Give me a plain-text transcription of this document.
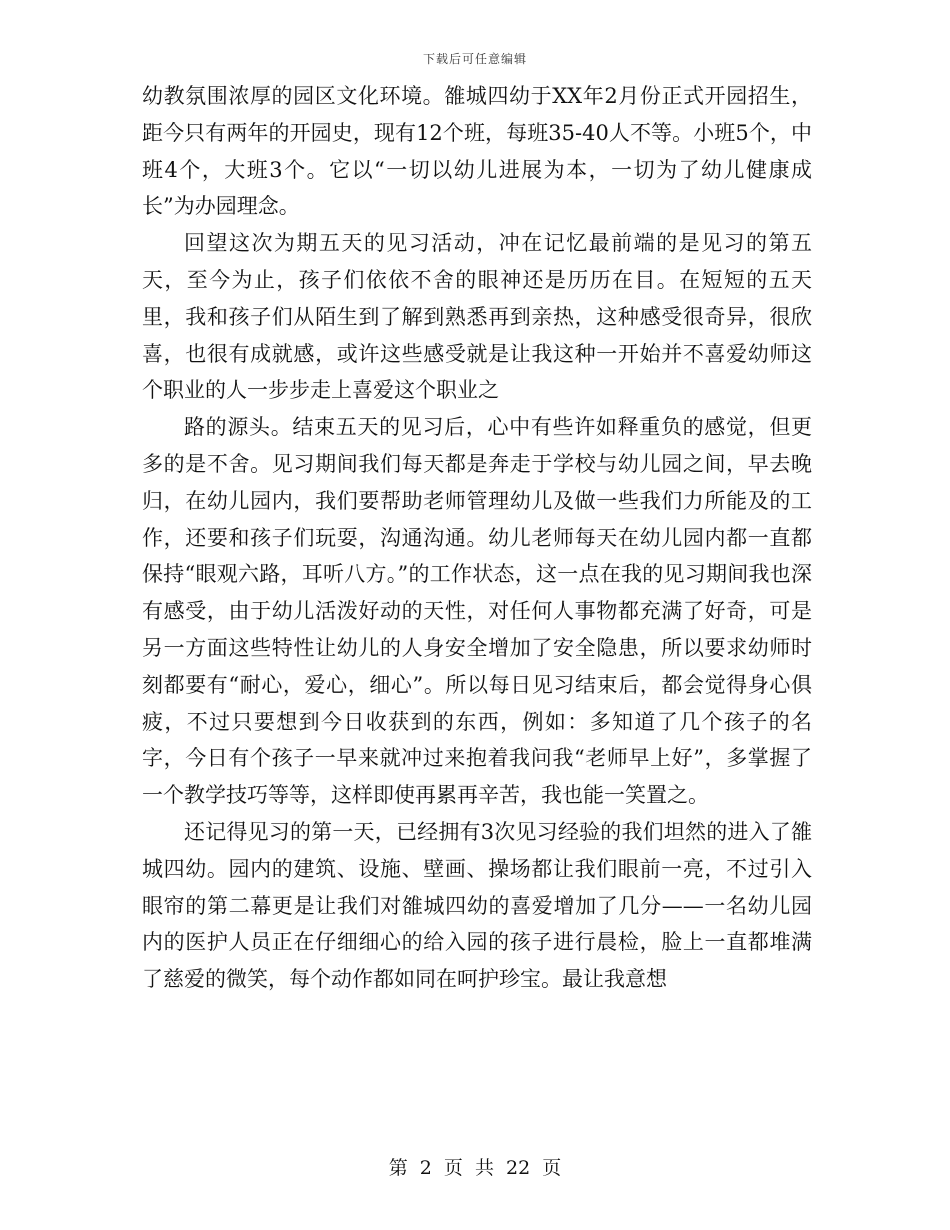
下载后可任意编辑

幼教氛围浓厚的园区文化环境。雒城四幼于XX年2月份正式开园招生，距今只有两年的开园史，现有12个班，每班35-40人不等。小班5个，中班4个，大班3个。它以“一切以幼儿进展为本，一切为了幼儿健康成长”为办园理念。

回望这次为期五天的见习活动，冲在记忆最前端的是见习的第五天，至今为止，孩子们依依不舍的眼神还是历历在目。在短短的五天里，我和孩子们从陌生到了解到熟悉再到亲热，这种感受很奇异，很欣喜，也很有成就感，或许这些感受就是让我这种一开始并不喜爱幼师这个职业的人一步步走上喜爱这个职业之

路的源头。结束五天的见习后，心中有些许如释重负的感觉，但更多的是不舍。见习期间我们每天都是奔走于学校与幼儿园之间，早去晚归，在幼儿园内，我们要帮助老师管理幼儿及做一些我们力所能及的工作，还要和孩子们玩耍，沟通沟通。幼儿老师每天在幼儿园内都一直都保持“眼观六路，耳听八方。”的工作状态，这一点在我的见习期间我也深有感受，由于幼儿活泼好动的天性，对任何人事物都充满了好奇，可是另一方面这些特性让幼儿的人身安全增加了安全隐患，所以要求幼师时刻都要有“耐心，爱心，细心”。所以每日见习结束后，都会觉得身心俱疲，不过只要想到今日收获到的东西，例如：多知道了几个孩子的名字，今日有个孩子一早来就冲过来抱着我问我“老师早上好”，多掌握了一个教学技巧等等，这样即使再累再辛苦，我也能一笑置之。

还记得见习的第一天，已经拥有3次见习经验的我们坦然的进入了雒城四幼。园内的建筑、设施、壁画、操场都让我们眼前一亮，不过引入眼帘的第二幕更是让我们对雒城四幼的喜爱增加了几分——一名幼儿园内的医护人员正在仔细细心的给入园的孩子进行晨检，脸上一直都堆满了慈爱的微笑，每个动作都如同在呵护珍宝。最让我意想

第 2 页 共 22 页
